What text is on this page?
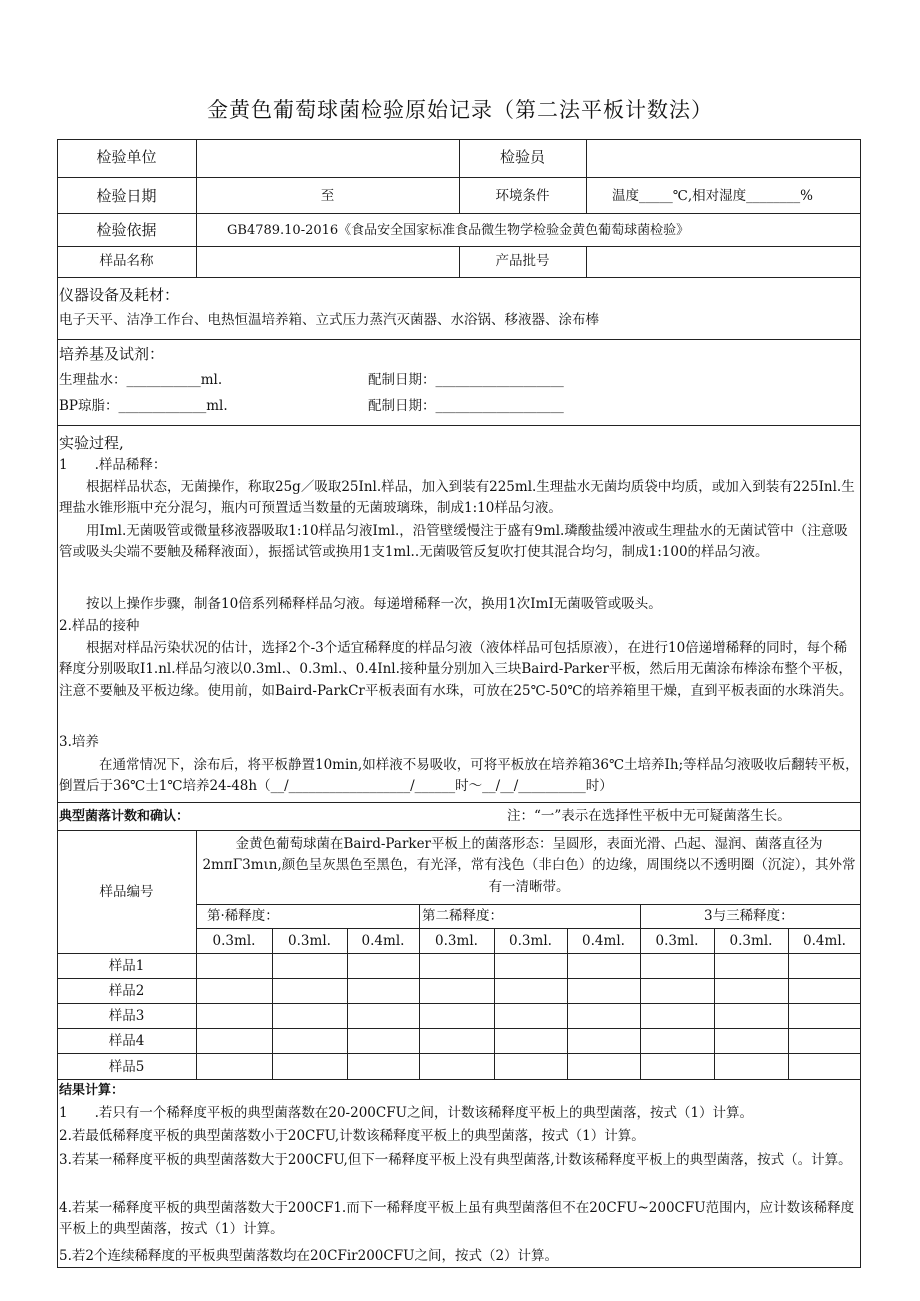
金黄色葡萄球菌检验原始记录（第二法平板计数法）
检验单位	检验员
检验日期	至	环境条件	温度_____℃,相对湿度________%
检验依据	GB4789.10-2016《食品安全国家标准食品微生物学检验金黄色葡萄球菌检验》
样品名称	产品批号
仪器设备及耗材：
电子天平、洁净工作台、电热恒温培养箱、立式压力蒸汽灭菌器、水浴锅、移液器、涂布棒
培养基及试剂：
生理盐水：___________ml.	配制日期：___________________
BP琼脂：_____________ml.	配制日期：___________________
实验过程,
1　　.样品稀释：
根据样品状态，无菌操作，称取25g／吸取25Inl.样品，加入到装有225ml.生理盐水无菌均质袋中均质，或加入到装有225Inl.生理盐水锥形瓶中充分混匀，瓶内可预置适当数量的无菌玻璃珠，制成1:10样品匀液。
用Iml.无菌吸管或微量移液器吸取1:10样品匀液Iml.，沿管壁缓慢注于盛有9ml.璘酸盐缓冲液或生理盐水的无菌试管中（注意吸管或吸头尖端不要触及稀释液面），振摇试管或换用1支1ml..无菌吸管反复吹打使其混合均匀，制成1:100的样品匀液。
按以上操作步骤，制备10倍系列稀释样品匀液。每递增稀释一次，换用1次ImI无菌吸管或吸头。
2.样品的接种
根据对样品污染状况的估计，选择2个-3个适宜稀释度的样品匀液（液体样品可包括原液），在进行10倍递增稀释的同时，每个稀释度分别吸取I1.nl.样品匀液以0.3ml.、0.3ml.、0.4Inl.接种量分别加入三块Baird-Parker平板，然后用无菌涂布棒涂布整个平板，注意不要触及平板边缘。使用前，如Baird-ParkCr平板表面有水珠，可放在25℃-50℃的培养箱里干燥，直到平板表面的水珠消失。
3.培养
在通常情况下，涂布后，将平板静置10min,如样液不易吸收，可将平板放在培养箱36℃土培养Ih;等样品匀液吸收后翻转平板，倒置后于36℃士1℃培养24-48h（__/__________________/______时～__/__/__________时）
典型菌落计数和确认：	注：“一”表示在选择性平板中无可疑菌落生长。
样品编号
金黄色葡萄球菌在Baird-Parker平板上的菌落形态：呈圆形，表面光滑、凸起、湿润、菌落直径为2mπΓ3mιn,颜色呈灰黑色至黑色，有光泽，常有浅色（非白色）的边缘，周围绕以不透明圈（沉淀），其外常有一清晰带。
第·稀释度：	第二稀释度：	3与三稀释度：
0.3ml.	0.3ml.	0.4ml.	0.3ml.	0.3ml.	0.4ml.	0.3ml.	0.3ml.	0.4ml.
样品1
样品2
样品3
样品4
样品5
结果计算：
1　　.若只有一个稀释度平板的典型菌落数在20-200CFU之间，计数该稀释度平板上的典型菌落，按式（1）计算。
2.若最低稀释度平板的典型菌落数小于20CFU,计数该稀释度平板上的典型菌落，按式（1）计算。
3.若某一稀释度平板的典型菌落数大于200CFU,但下一稀释度平板上没有典型菌落,计数该稀释度平板上的典型菌落，按式（。计算。
4.若某一稀释度平板的典型菌落数大于200CF1.而下一稀释度平板上虽有典型菌落但不在20CFU~200CFU范围内，应计数该稀释度平板上的典型菌落，按式（1）计算。
5.若2个连续稀释度的平板典型菌落数均在20CFir200CFU之间，按式（2）计算。
